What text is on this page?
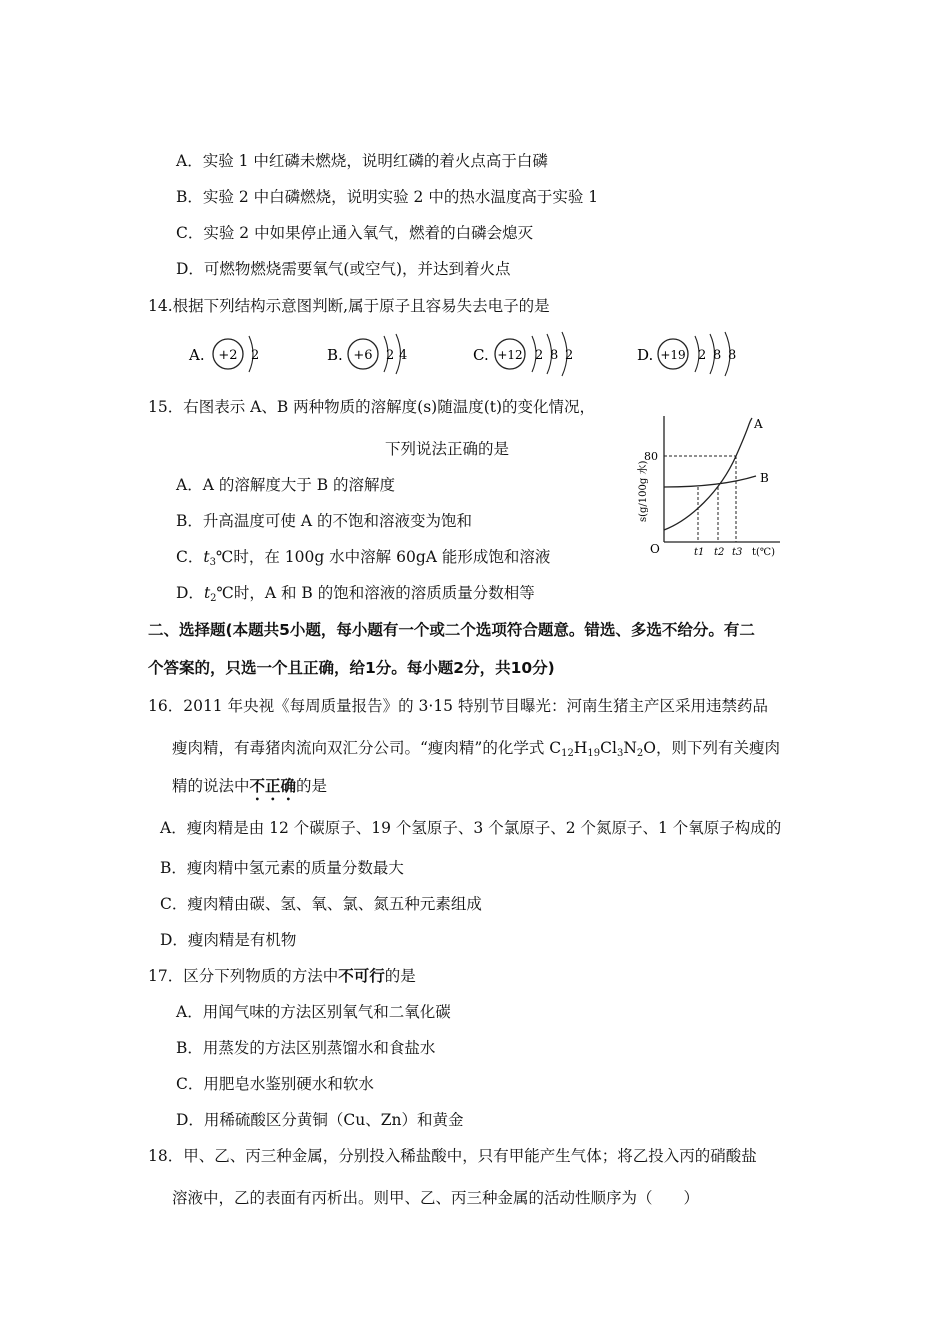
A．实验 1 中红磷未燃烧，说明红磷的着火点高于白磷
B．实验 2 中白磷燃烧，说明实验 2 中的热水温度高于实验 1
C．实验 2 中如果停止通入氧气，燃着的白磷会熄灭
D．可燃物燃烧需要氧气(或空气)，并达到着火点
14.根据下列结构示意图判断,属于原子且容易失去电子的是
A. +2 2	B. +6 2 4	C. +12 2 8 2	D. +19 2 8 8
15．右图表示 A、B 两种物质的溶解度(s)随温度(t)的变化情况，
下列说法正确的是
A．A 的溶解度大于 B 的溶解度
B．升高温度可使 A 的不饱和溶液变为饱和
C．$t_3℃$时，在 100g 水中溶解 60gA 能形成饱和溶液
D．$t_2℃$时，A 和 B 的饱和溶液的溶质质量分数相等
A
B
80
O	t1 t2 t3 t(℃)
s(g/100g 水)
二、选择题(本题共5小题，每小题有一个或二个选项符合题意。错选、多选不给分。有二
个答案的，只选一个且正确，给1分。每小题2分，共10分)
16．2011 年央视《每周质量报告》的 3·15 特别节目曝光：河南生猪主产区采用违禁药品
瘦肉精，有毒猪肉流向双汇分公司。“瘦肉精”的化学式 $C_{12}H_{19}Cl_3N_2O$，则下列有关瘦肉
精的说法中不正确的是
A．瘦肉精是由 12 个碳原子、19 个氢原子、3 个氯原子、2 个氮原子、1 个氧原子构成的
B．瘦肉精中氢元素的质量分数最大
C．瘦肉精由碳、氢、氧、氯、氮五种元素组成
D．瘦肉精是有机物
17．区分下列物质的方法中不可行的是
A．用闻气味的方法区别氧气和二氧化碳
B．用蒸发的方法区别蒸馏水和食盐水
C．用肥皂水鉴别硬水和软水
D．用稀硫酸区分黄铜（Cu、Zn）和黄金
18．甲、乙、丙三种金属，分别投入稀盐酸中，只有甲能产生气体；将乙投入丙的硝酸盐
溶液中，乙的表面有丙析出。则甲、乙、丙三种金属的活动性顺序为（　　）
